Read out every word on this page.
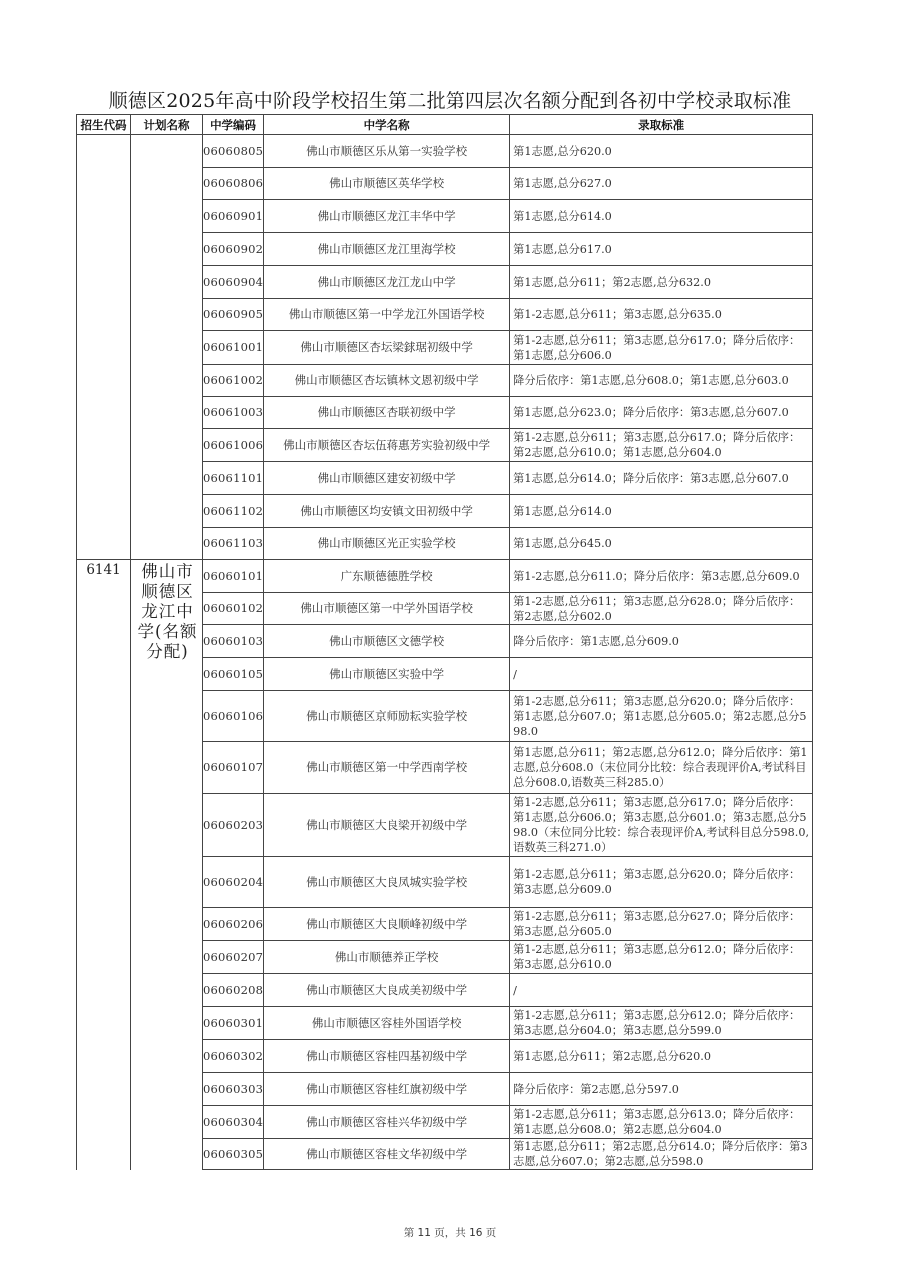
顺德区2025年高中阶段学校招生第二批第四层次名额分配到各初中学校录取标准
招生代码	计划名称	中学编码	中学名称	录取标准
		06060805	佛山市顺德区乐从第一实验学校	第1志愿,总分620.0
		06060806	佛山市顺德区英华学校	第1志愿,总分627.0
		06060901	佛山市顺德区龙江丰华中学	第1志愿,总分614.0
		06060902	佛山市顺德区龙江里海学校	第1志愿,总分617.0
		06060904	佛山市顺德区龙江龙山中学	第1志愿,总分611；第2志愿,总分632.0
		06060905	佛山市顺德区第一中学龙江外国语学校	第1-2志愿,总分611；第3志愿,总分635.0
		06061001	佛山市顺德区杏坛梁銶琚初级中学	第1-2志愿,总分611；第3志愿,总分617.0；降分后依序：第1志愿,总分606.0
		06061002	佛山市顺德区杏坛镇林文恩初级中学	降分后依序：第1志愿,总分608.0；第1志愿,总分603.0
		06061003	佛山市顺德区杏联初级中学	第1志愿,总分623.0；降分后依序：第3志愿,总分607.0
		06061006	佛山市顺德区杏坛伍蒋惠芳实验初级中学	第1-2志愿,总分611；第3志愿,总分617.0；降分后依序：第2志愿,总分610.0；第1志愿,总分604.0
		06061101	佛山市顺德区建安初级中学	第1志愿,总分614.0；降分后依序：第3志愿,总分607.0
		06061102	佛山市顺德区均安镇文田初级中学	第1志愿,总分614.0
		06061103	佛山市顺德区光正实验学校	第1志愿,总分645.0
6141	佛山市顺德区龙江中学(名额分配)	06060101	广东顺德德胜学校	第1-2志愿,总分611.0；降分后依序：第3志愿,总分609.0
		06060102	佛山市顺德区第一中学外国语学校	第1-2志愿,总分611；第3志愿,总分628.0；降分后依序：第2志愿,总分602.0
		06060103	佛山市顺德区文德学校	降分后依序：第1志愿,总分609.0
		06060105	佛山市顺德区实验中学	/
		06060106	佛山市顺德区京师励耘实验学校	第1-2志愿,总分611；第3志愿,总分620.0；降分后依序：第1志愿,总分607.0；第1志愿,总分605.0；第2志愿,总分598.0
		06060107	佛山市顺德区第一中学西南学校	第1志愿,总分611；第2志愿,总分612.0；降分后依序：第1志愿,总分608.0（末位同分比较：综合表现评价A,考试科目总分608.0,语数英三科285.0）
		06060203	佛山市顺德区大良梁开初级中学	第1-2志愿,总分611；第3志愿,总分617.0；降分后依序：第1志愿,总分606.0；第3志愿,总分601.0；第3志愿,总分598.0（末位同分比较：综合表现评价A,考试科目总分598.0,语数英三科271.0）
		06060204	佛山市顺德区大良凤城实验学校	第1-2志愿,总分611；第3志愿,总分620.0；降分后依序：第3志愿,总分609.0
		06060206	佛山市顺德区大良顺峰初级中学	第1-2志愿,总分611；第3志愿,总分627.0；降分后依序：第3志愿,总分605.0
		06060207	佛山市顺德养正学校	第1-2志愿,总分611；第3志愿,总分612.0；降分后依序：第3志愿,总分610.0
		06060208	佛山市顺德区大良成美初级中学	/
		06060301	佛山市顺德区容桂外国语学校	第1-2志愿,总分611；第3志愿,总分612.0；降分后依序：第3志愿,总分604.0；第3志愿,总分599.0
		06060302	佛山市顺德区容桂四基初级中学	第1志愿,总分611；第2志愿,总分620.0
		06060303	佛山市顺德区容桂红旗初级中学	降分后依序：第2志愿,总分597.0
		06060304	佛山市顺德区容桂兴华初级中学	第1-2志愿,总分611；第3志愿,总分613.0；降分后依序：第1志愿,总分608.0；第2志愿,总分604.0
		06060305	佛山市顺德区容桂文华初级中学	第1志愿,总分611；第2志愿,总分614.0；降分后依序：第3志愿,总分607.0；第2志愿,总分598.0
第 11 页，共 16 页
